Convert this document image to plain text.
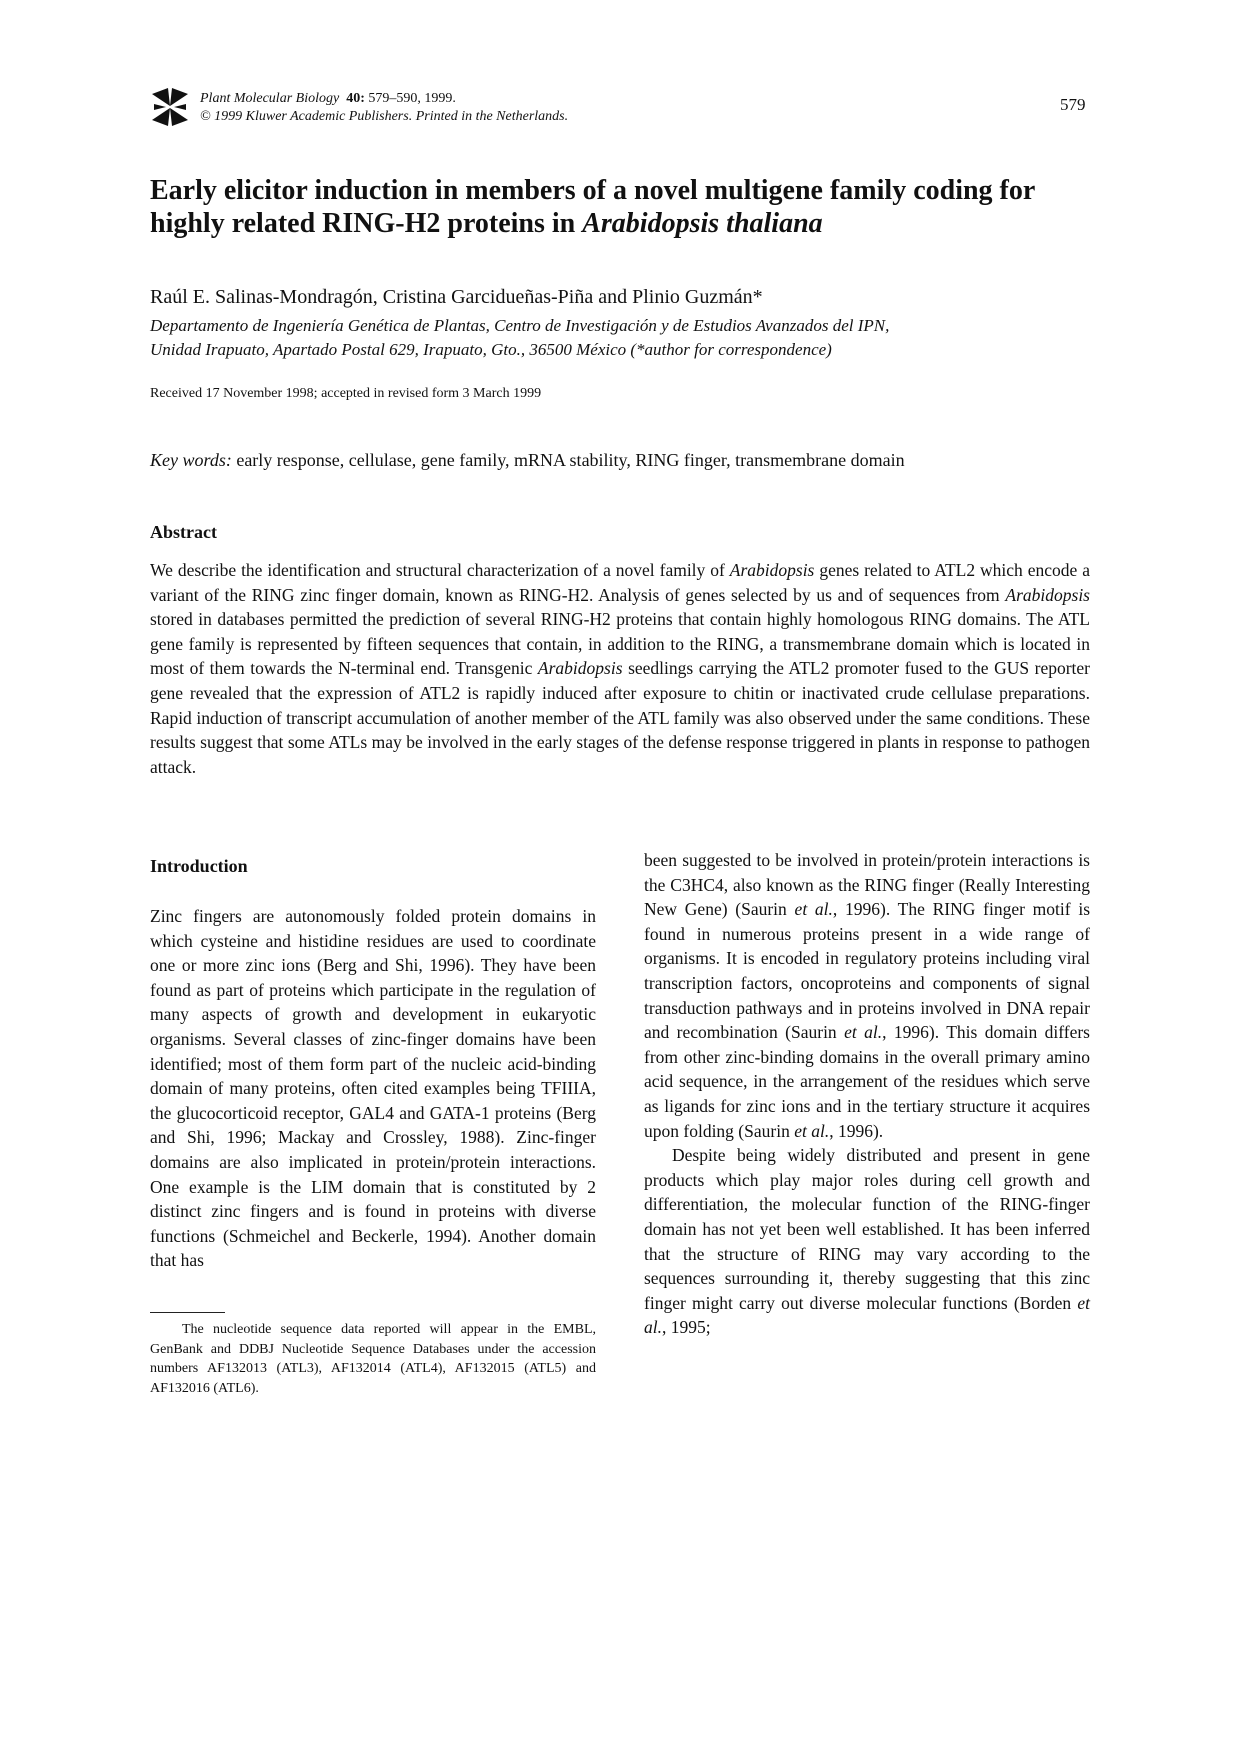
Plant Molecular Biology 40: 579–590, 1999.
© 1999 Kluwer Academic Publishers. Printed in the Netherlands.
579
Early elicitor induction in members of a novel multigene family coding for highly related RING-H2 proteins in Arabidopsis thaliana
Raúl E. Salinas-Mondragón, Cristina Garcidueñas-Piña and Plinio Guzmán*
Departamento de Ingeniería Genética de Plantas, Centro de Investigación y de Estudios Avanzados del IPN,
Unidad Irapuato, Apartado Postal 629, Irapuato, Gto., 36500 México (*author for correspondence)
Received 17 November 1998; accepted in revised form 3 March 1999
Key words: early response, cellulase, gene family, mRNA stability, RING finger, transmembrane domain
Abstract

We describe the identification and structural characterization of a novel family of Arabidopsis genes related to ATL2 which encode a variant of the RING zinc finger domain, known as RING-H2. Analysis of genes selected by us and of sequences from Arabidopsis stored in databases permitted the prediction of several RING-H2 proteins that contain highly homologous RING domains. The ATL gene family is represented by fifteen sequences that contain, in addition to the RING, a transmembrane domain which is located in most of them towards the N-terminal end. Transgenic Arabidopsis seedlings carrying the ATL2 promoter fused to the GUS reporter gene revealed that the expression of ATL2 is rapidly induced after exposure to chitin or inactivated crude cellulase preparations. Rapid induction of transcript accumulation of another member of the ATL family was also observed under the same conditions. These results suggest that some ATLs may be involved in the early stages of the defense response triggered in plants in response to pathogen attack.

Introduction

Zinc fingers are autonomously folded protein domains in which cysteine and histidine residues are used to coordinate one or more zinc ions (Berg and Shi, 1996). They have been found as part of proteins which participate in the regulation of many aspects of growth and development in eukaryotic organisms. Several classes of zinc-finger domains have been identified; most of them form part of the nucleic acid-binding domain of many proteins, often cited examples being TFIIIA, the glucocorticoid receptor, GAL4 and GATA-1 proteins (Berg and Shi, 1996; Mackay and Crossley, 1988). Zinc-finger domains are also implicated in protein/protein interactions. One example is the LIM domain that is constituted by 2 distinct zinc fingers and is found in proteins with diverse functions (Schmeichel and Beckerle, 1994). Another domain that has

been suggested to be involved in protein/protein interactions is the C3HC4, also known as the RING finger (Really Interesting New Gene) (Saurin et al., 1996). The RING finger motif is found in numerous proteins present in a wide range of organisms. It is encoded in regulatory proteins including viral transcription factors, oncoproteins and components of signal transduction pathways and in proteins involved in DNA repair and recombination (Saurin et al., 1996). This domain differs from other zinc-binding domains in the overall primary amino acid sequence, in the arrangement of the residues which serve as ligands for zinc ions and in the tertiary structure it acquires upon folding (Saurin et al., 1996).

Despite being widely distributed and present in gene products which play major roles during cell growth and differentiation, the molecular function of the RING-finger domain has not yet been well established. It has been inferred that the structure of RING may vary according to the sequences surrounding it, thereby suggesting that this zinc finger might carry out diverse molecular functions (Borden et al., 1995;

The nucleotide sequence data reported will appear in the EMBL, GenBank and DDBJ Nucleotide Sequence Databases under the accession numbers AF132013 (ATL3), AF132014 (ATL4), AF132015 (ATL5) and AF132016 (ATL6).
